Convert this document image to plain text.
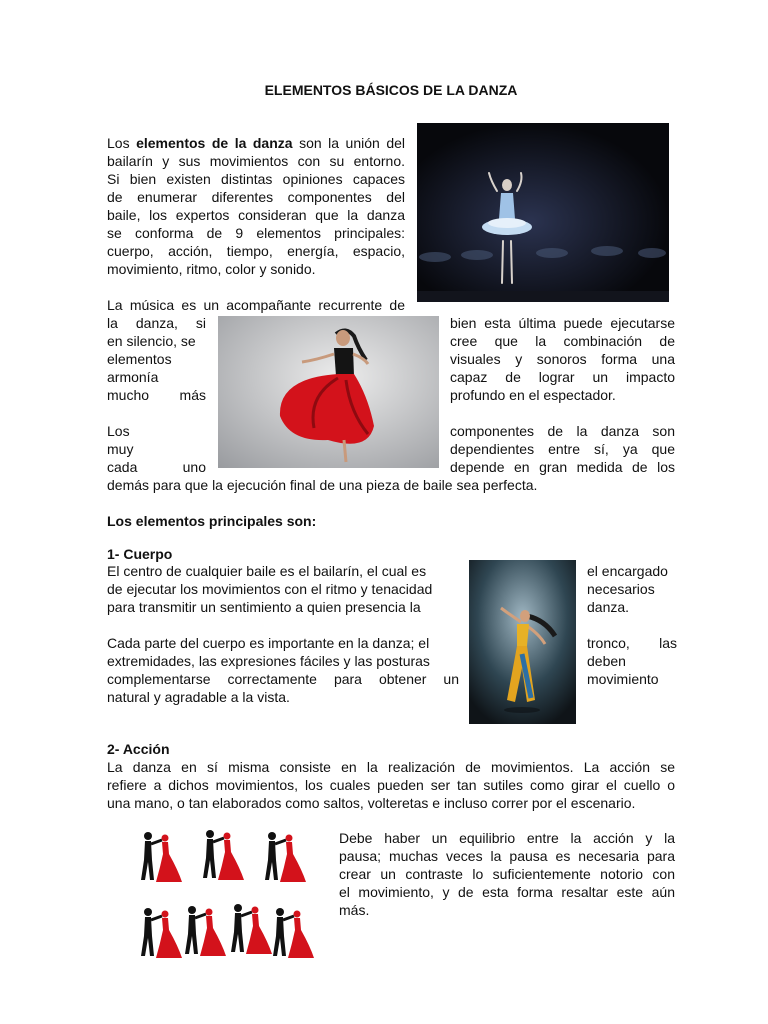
ELEMENTOS BÁSICOS DE LA DANZA
Los elementos de la danza son la unión del
bailarín y sus movimientos con su entorno.
Si bien existen distintas opiniones capaces
de enumerar diferentes componentes del
baile, los expertos consideran que la danza
se conforma de 9 elementos principales:
cuerpo, acción, tiempo, energía, espacio,
movimiento, ritmo, color y sonido.
La música es un acompañante recurrente de
la danza, si
en silencio, se
elementos
armonía
mucho más
bien esta última puede ejecutarse
cree que la combinación de
visuales y sonoros forma una
capaz de lograr un impacto
profundo en el espectador.
Los
muy
cada uno
componentes de la danza son
dependientes entre sí, ya que
depende en gran medida de los
demás para que la ejecución final de una pieza de baile sea perfecta.
Los elementos principales son:
1- Cuerpo
El centro de cualquier baile es el bailarín, el cual es
de ejecutar los movimientos con el ritmo y tenacidad
para transmitir un sentimiento a quien presencia la
el encargado
necesarios
danza.
Cada parte del cuerpo es importante en la danza; el
extremidades, las expresiones fáciles y las posturas
complementarse correctamente para obtener un
natural y agradable a la vista.
tronco, las
deben
movimiento
2- Acción
La danza en sí misma consiste en la realización de movimientos. La acción se
refiere a dichos movimientos, los cuales pueden ser tan sutiles como girar el cuello o
una mano, o tan elaborados como saltos, volteretas e incluso correr por el escenario.
Debe haber un equilibrio entre la acción y la
pausa; muchas veces la pausa es necesaria para
crear un contraste lo suficientemente notorio con
el movimiento, y de esta forma resaltar este aún
más.
